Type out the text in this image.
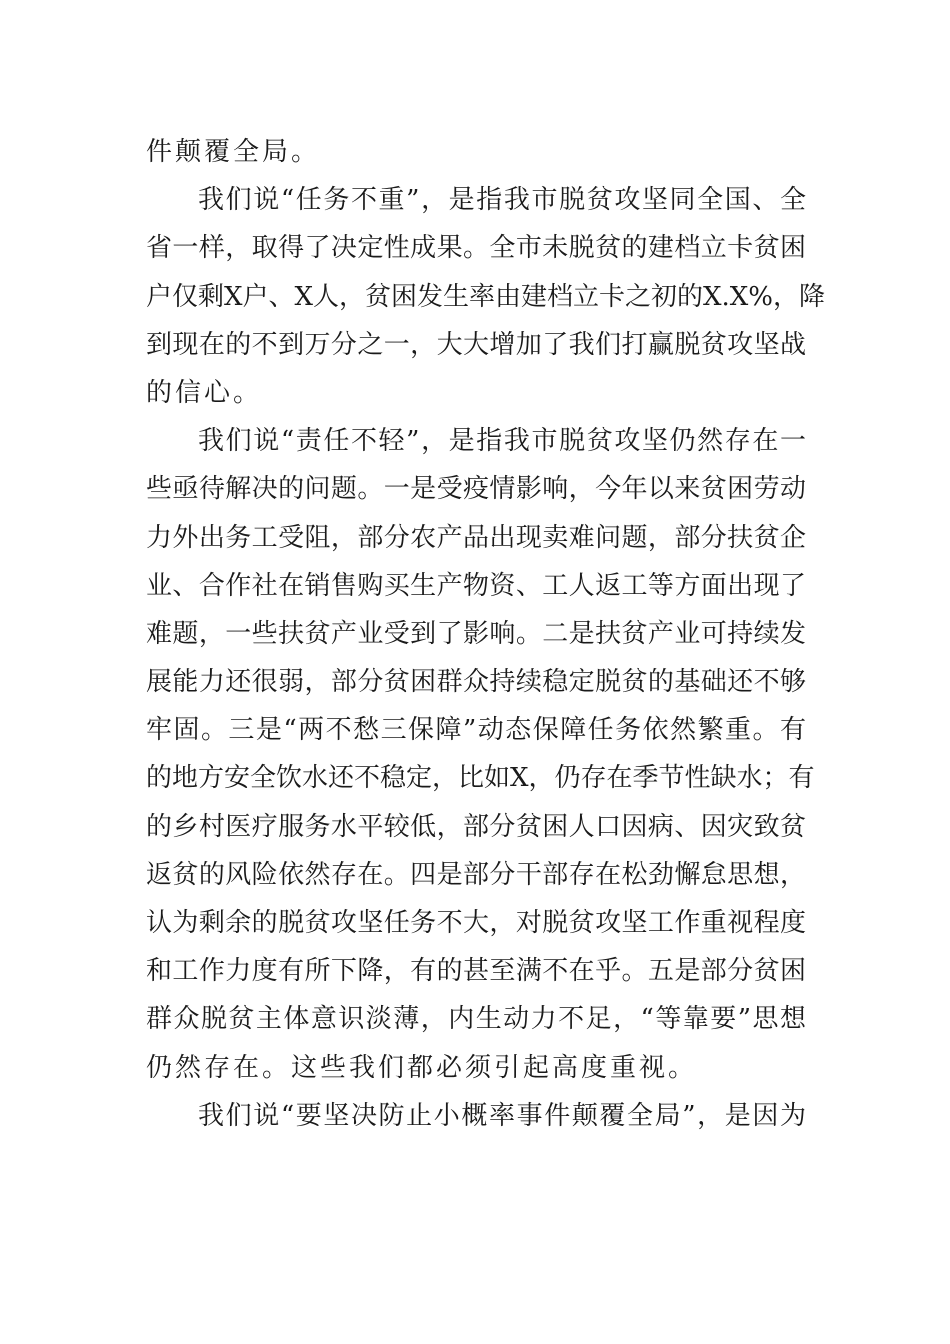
件颠覆全局。
我们说“任务不重”，是指我市脱贫攻坚同全国、全
省一样，取得了决定性成果。全市未脱贫的建档立卡贫困
户仅剩X户、X人，贫困发生率由建档立卡之初的X.X%，降
到现在的不到万分之一，大大增加了我们打赢脱贫攻坚战
的信心。
我们说“责任不轻”，是指我市脱贫攻坚仍然存在一
些亟待解决的问题。一是受疫情影响，今年以来贫困劳动
力外出务工受阻，部分农产品出现卖难问题，部分扶贫企
业、合作社在销售购买生产物资、工人返工等方面出现了
难题，一些扶贫产业受到了影响。二是扶贫产业可持续发
展能力还很弱，部分贫困群众持续稳定脱贫的基础还不够
牢固。三是“两不愁三保障”动态保障任务依然繁重。有
的地方安全饮水还不稳定，比如X，仍存在季节性缺水；有
的乡村医疗服务水平较低，部分贫困人口因病、因灾致贫
返贫的风险依然存在。四是部分干部存在松劲懈怠思想，
认为剩余的脱贫攻坚任务不大，对脱贫攻坚工作重视程度
和工作力度有所下降，有的甚至满不在乎。五是部分贫困
群众脱贫主体意识淡薄，内生动力不足，“等靠要”思想
仍然存在。这些我们都必须引起高度重视。
我们说“要坚决防止小概率事件颠覆全局”，是因为
